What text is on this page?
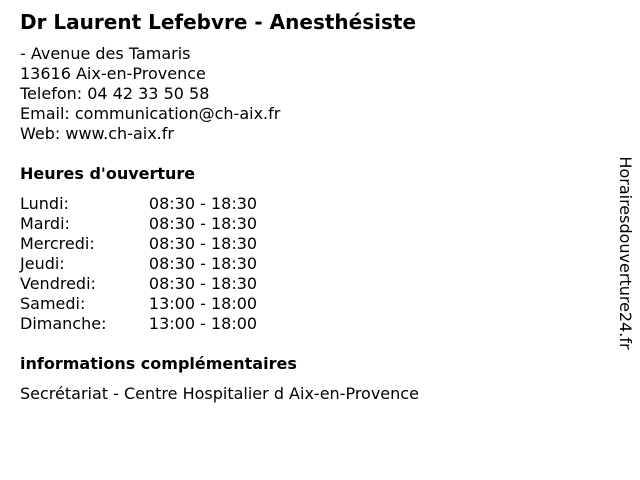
Dr Laurent Lefebvre - Anesthésiste
- Avenue des Tamaris
13616 Aix-en-Provence
Telefon: 04 42 33 50 58
Email: communication@ch-aix.fr
Web: www.ch-aix.fr
Heures d'ouverture
Lundi:	08:30 - 18:30
Mardi:	08:30 - 18:30
Mercredi:	08:30 - 18:30
Jeudi:	08:30 - 18:30
Vendredi:	08:30 - 18:30
Samedi:	13:00 - 18:00
Dimanche:	13:00 - 18:00
informations complémentaires
Secrétariat - Centre Hospitalier d Aix-en-Provence
Horairesdouverture24.fr
